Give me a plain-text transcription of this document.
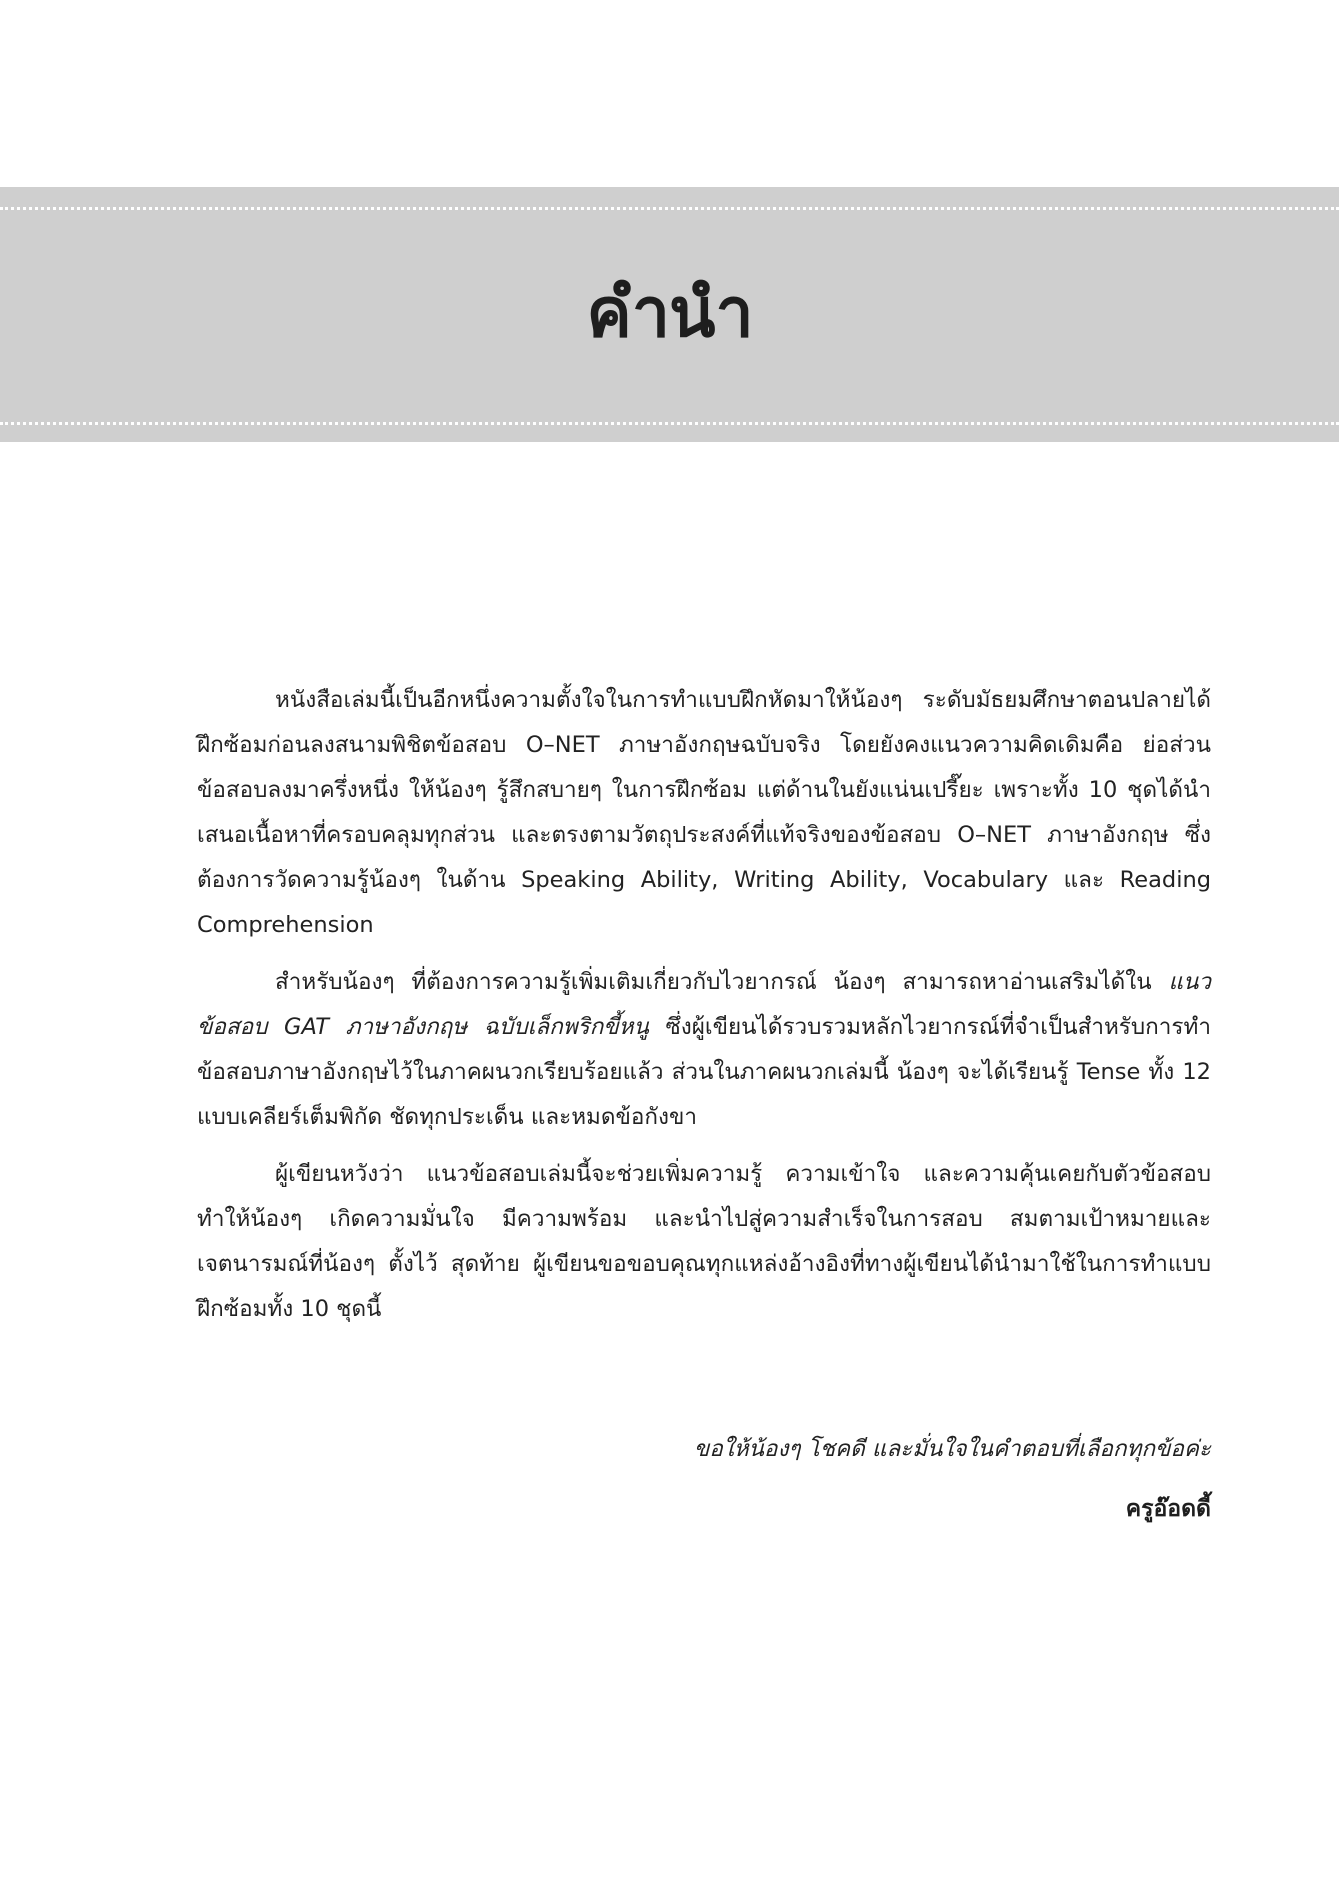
คำนำ

หนังสือเล่มนี้เป็นอีกหนึ่งความตั้งใจในการทำแบบฝึกหัดมาให้น้องๆ ระดับมัธยมศึกษาตอนปลายได้ฝึกซ้อมก่อนลงสนามพิชิตข้อสอบ O–NET ภาษาอังกฤษฉบับจริง โดยยังคงแนวความคิดเดิมคือ ย่อส่วนข้อสอบลงมาครึ่งหนึ่ง ให้น้องๆ รู้สึกสบายๆ ในการฝึกซ้อม แต่ด้านในยังแน่นเปรี๊ยะ เพราะทั้ง 10 ชุดได้นำเสนอเนื้อหาที่ครอบคลุมทุกส่วน และตรงตามวัตถุประสงค์ที่แท้จริงของข้อสอบ O–NET ภาษาอังกฤษ ซึ่งต้องการวัดความรู้น้องๆ ในด้าน Speaking Ability, Writing Ability, Vocabulary และ Reading Comprehension

สำหรับน้องๆ ที่ต้องการความรู้เพิ่มเติมเกี่ยวกับไวยากรณ์ น้องๆ สามารถหาอ่านเสริมได้ใน แนวข้อสอบ GAT ภาษาอังกฤษ ฉบับเล็กพริกขี้หนู ซึ่งผู้เขียนได้รวบรวมหลักไวยากรณ์ที่จำเป็นสำหรับการทำข้อสอบภาษาอังกฤษไว้ในภาคผนวกเรียบร้อยแล้ว ส่วนในภาคผนวกเล่มนี้ น้องๆ จะได้เรียนรู้ Tense ทั้ง 12 แบบเคลียร์เต็มพิกัด ชัดทุกประเด็น และหมดข้อกังขา

ผู้เขียนหวังว่า แนวข้อสอบเล่มนี้จะช่วยเพิ่มความรู้ ความเข้าใจ และความคุ้นเคยกับตัวข้อสอบ ทำให้น้องๆ เกิดความมั่นใจ มีความพร้อม และนำไปสู่ความสำเร็จในการสอบ สมตามเป้าหมายและเจตนารมณ์ที่น้องๆ ตั้งไว้ สุดท้าย ผู้เขียนขอขอบคุณทุกแหล่งอ้างอิงที่ทางผู้เขียนได้นำมาใช้ในการทำแบบฝึกซ้อมทั้ง 10 ชุดนี้

ขอให้น้องๆ โชคดี และมั่นใจในคำตอบที่เลือกทุกข้อค่ะ
ครูอ๊อดดี้
